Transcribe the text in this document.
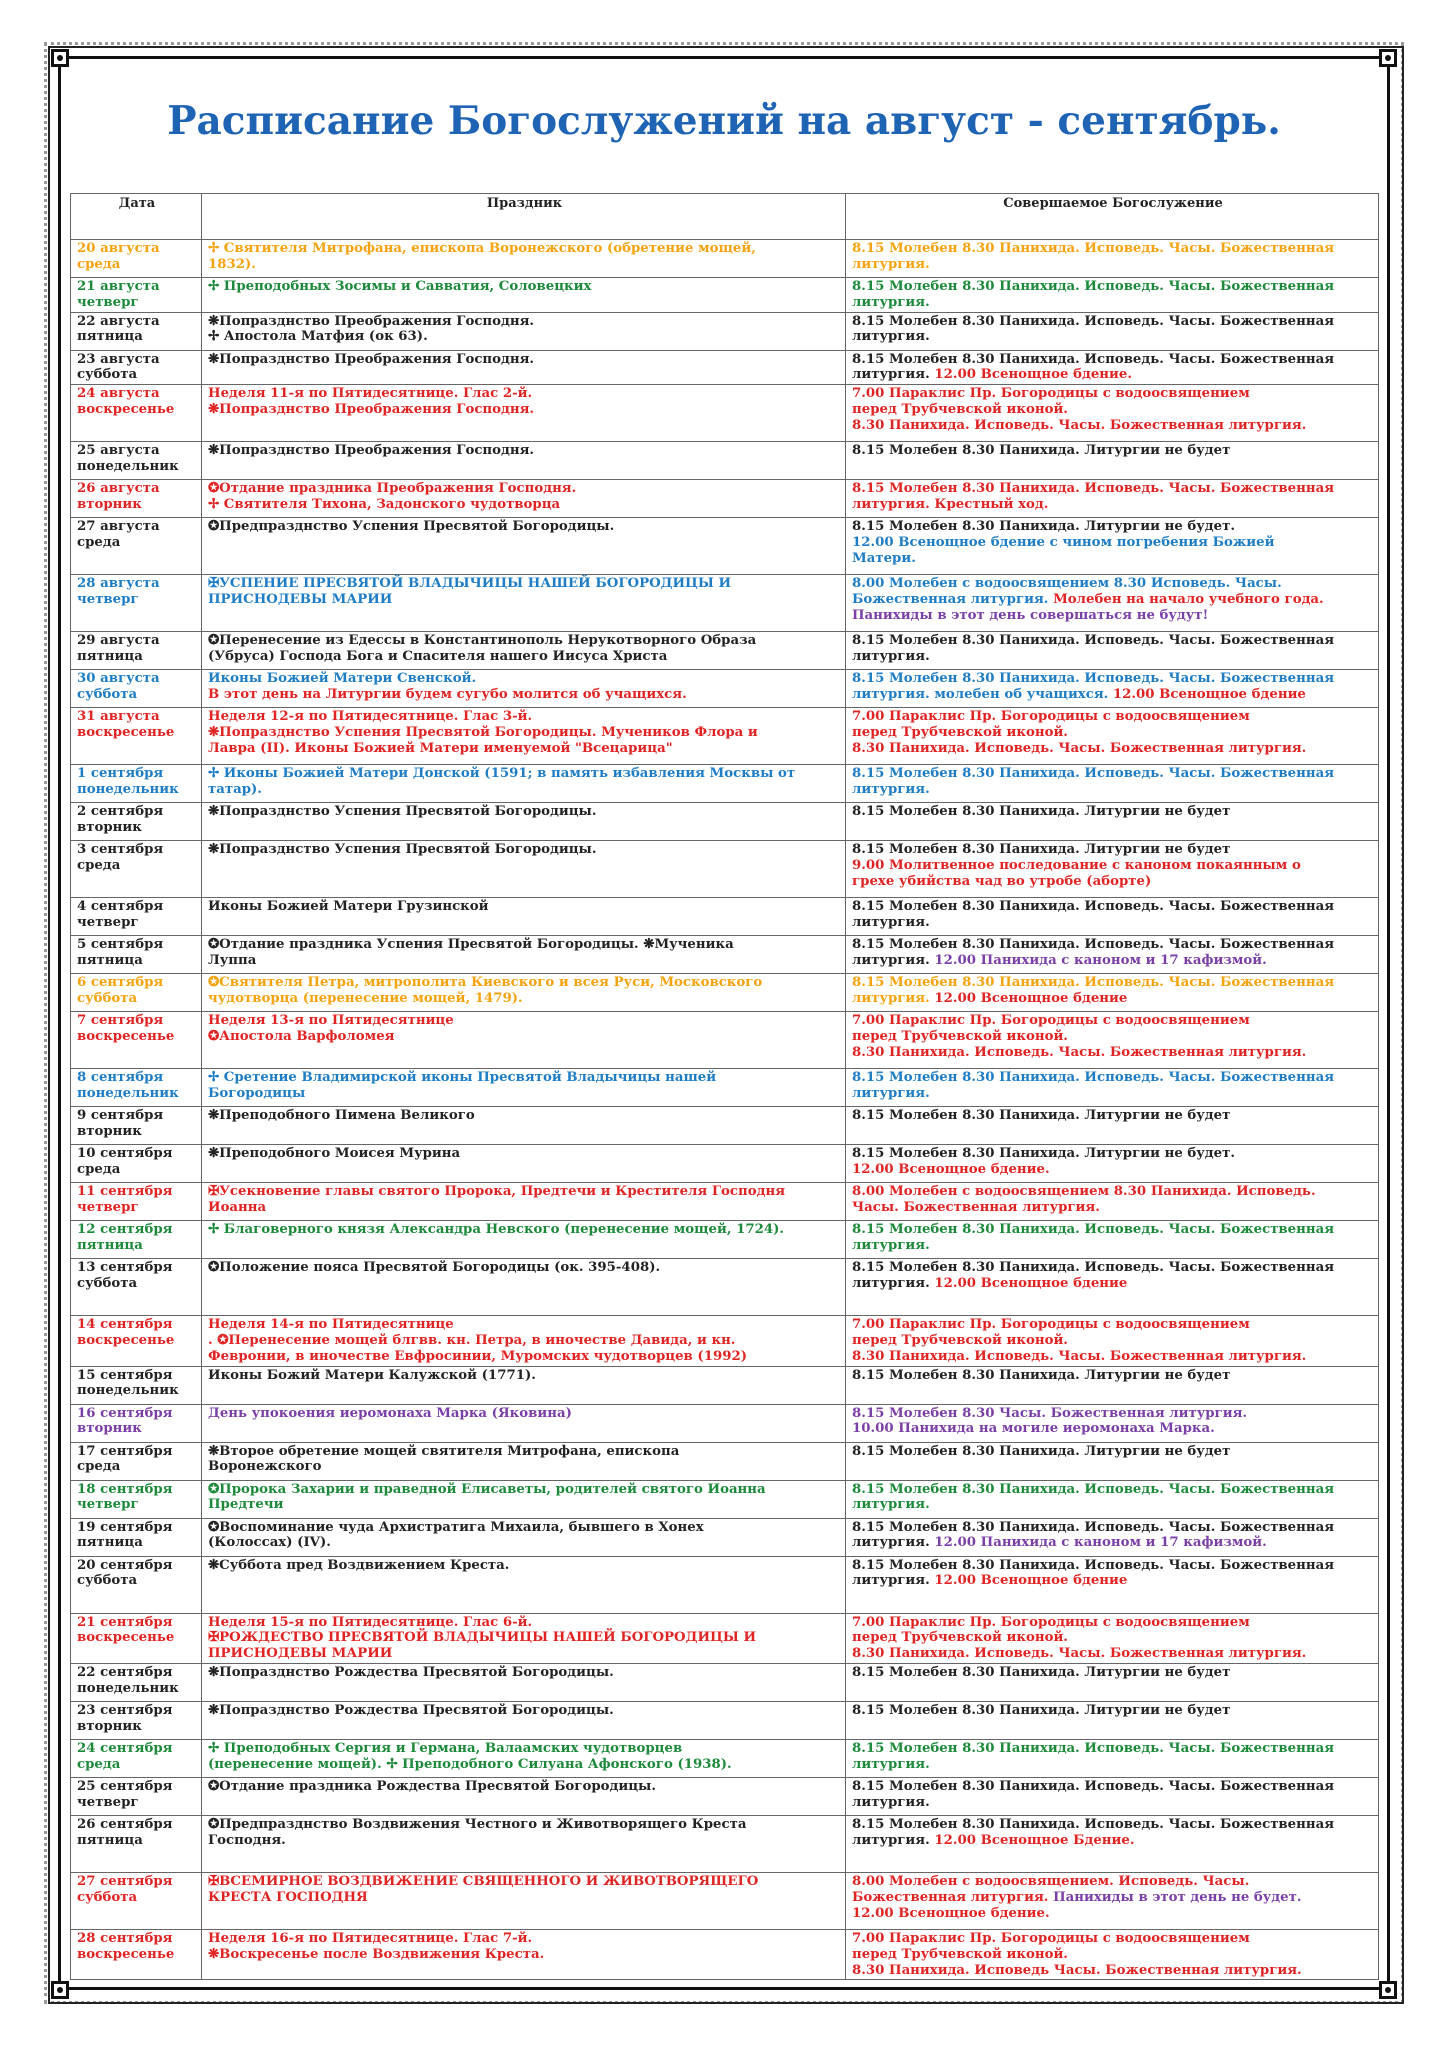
Расписание Богослужений на август - сентябрь.
Дата	Праздник	Совершаемое Богослужение

20 августа
среда	✢ Святителя Митрофана, епископа Воронежского (обретение мощей,
1832).	8.15 Молебен 8.30 Панихида. Исповедь. Часы. Божественная
литургия.

21 августа
четверг	✢ Преподобных Зосимы и Савватия, Соловецких	8.15 Молебен 8.30 Панихида. Исповедь. Часы. Божественная
литургия.

22 августа
пятница	❋Попразднство Преображения Господня.
✢ Апостола Матфия (ок 63).	8.15 Молебен 8.30 Панихида. Исповедь. Часы. Божественная
литургия.

23 августа
суббота	❋Попразднство Преображения Господня.	8.15 Молебен 8.30 Панихида. Исповедь. Часы. Божественная
литургия. 12.00 Всенощное бдение.

24 августа
воскресенье	Неделя 11-я по Пятидесятнице. Глас 2-й.
❋Попразднство Преображения Господня.	7.00 Параклис Пр. Богородицы с водоосвящением
перед Трубчевской иконой.
8.30 Панихида. Исповедь. Часы. Божественная литургия.

25 августа
понедельник	❋Попразднство Преображения Господня.	8.15 Молебен 8.30 Панихида. Литургии не будет

26 августа
вторник	✪Отдание праздника Преображения Господня.
✢ Святителя Тихона, Задонского чудотворца	8.15 Молебен 8.30 Панихида. Исповедь. Часы. Божественная
литургия. Крестный ход.

27 августа
среда	✪Предпразднство Успения Пресвятой Богородицы.	8.15 Молебен 8.30 Панихида. Литургии не будет.
12.00 Всенощное бдение с чином погребения Божией
Матери.

28 августа
четверг	✠УСПЕНИЕ ПРЕСВЯТОЙ ВЛАДЫЧИЦЫ НАШЕЙ БОГОРОДИЦЫ И
ПРИСНОДЕВЫ МАРИИ	8.00 Молебен с водоосвящением 8.30 Исповедь. Часы.
Божественная литургия. Молебен на начало учебного года.
Панихиды в этот день совершаться не будут!

29 августа
пятница	✪Перенесение из Едессы в Константинополь Нерукотворного Образа
(Убруса) Господа Бога и Спасителя нашего Иисуса Христа	8.15 Молебен 8.30 Панихида. Исповедь. Часы. Божественная
литургия.

30 августа
суббота	Иконы Божией Матери Свенской.
В этот день на Литургии будем сугубо молится об учащихся.	8.15 Молебен 8.30 Панихида. Исповедь. Часы. Божественная
литургия. молебен об учащихся. 12.00 Всенощное бдение

31 августа
воскресенье	Неделя 12-я по Пятидесятнице. Глас 3-й.
❋Попразднство Успения Пресвятой Богородицы. Мучеников Флора и
Лавра (II). Иконы Божией Матери именуемой "Всецарица"	7.00 Параклис Пр. Богородицы с водоосвящением
перед Трубчевской иконой.
8.30 Панихида. Исповедь. Часы. Божественная литургия.

1 сентября
понедельник	✢ Иконы Божией Матери Донской (1591; в память избавления Москвы от
татар).	8.15 Молебен 8.30 Панихида. Исповедь. Часы. Божественная
литургия.

2 сентября
вторник	❋Попразднство Успения Пресвятой Богородицы.	8.15 Молебен 8.30 Панихида. Литургии не будет

3 сентября
среда	❋Попразднство Успения Пресвятой Богородицы.	8.15 Молебен 8.30 Панихида. Литургии не будет
9.00 Молитвенное последование с каноном покаянным о
грехе убийства чад во утробе (аборте)

4 сентября
четверг	Иконы Божией Матери Грузинской	8.15 Молебен 8.30 Панихида. Исповедь. Часы. Божественная
литургия.

5 сентября
пятница	✪Отдание праздника Успения Пресвятой Богородицы. ❋Мученика
Луппа	8.15 Молебен 8.30 Панихида. Исповедь. Часы. Божественная
литургия. 12.00 Панихида с каноном и 17 кафизмой.

6 сентября
суббота	✪Святителя Петра, митрополита Киевского и всея Руси, Московского
чудотворца (перенесение мощей, 1479).	8.15 Молебен 8.30 Панихида. Исповедь. Часы. Божественная
литургия. 12.00 Всенощное бдение

7 сентября
воскресенье	Неделя 13-я по Пятидесятнице
✪Апостола Варфоломея	7.00 Параклис Пр. Богородицы с водоосвящением
перед Трубчевской иконой.
8.30 Панихида. Исповедь. Часы. Божественная литургия.

8 сентября
понедельник	✢ Сретение Владимирской иконы Пресвятой Владычицы нашей
Богородицы	8.15 Молебен 8.30 Панихида. Исповедь. Часы. Божественная
литургия.

9 сентября
вторник	❋Преподобного Пимена Великого	8.15 Молебен 8.30 Панихида. Литургии не будет

10 сентября
среда	❋Преподобного Моисея Мурина	8.15 Молебен 8.30 Панихида. Литургии не будет.
12.00 Всенощное бдение.

11 сентября
четверг	✠Усекновение главы святого Пророка, Предтечи и Крестителя Господня
Иоанна	8.00 Молебен с водоосвящением 8.30 Панихида. Исповедь.
Часы. Божественная литургия.

12 сентября
пятница	✢ Благоверного князя Александра Невского (перенесение мощей, 1724).	8.15 Молебен 8.30 Панихида. Исповедь. Часы. Божественная
литургия.

13 сентября
суббота	✪Положение пояса Пресвятой Богородицы (ок. 395-408).	8.15 Молебен 8.30 Панихида. Исповедь. Часы. Божественная
литургия. 12.00 Всенощное бдение

14 сентября
воскресенье	Неделя 14-я по Пятидесятнице
. ✪Перенесение мощей блгвв. кн. Петра, в иночестве Давида, и кн.
Февронии, в иночестве Евфросинии, Муромских чудотворцев (1992)	7.00 Параклис Пр. Богородицы с водоосвящением
перед Трубчевской иконой.
8.30 Панихида. Исповедь. Часы. Божественная литургия.

15 сентября
понедельник	Иконы Божий Матери Калужской (1771).	8.15 Молебен 8.30 Панихида. Литургии не будет

16 сентября
вторник	День упокоения иеромонаха Марка (Яковина)	8.15 Молебен 8.30 Часы. Божественная литургия.
10.00 Панихида на могиле иеромонаха Марка.

17 сентября
среда	❋Второе обретение мощей святителя Митрофана, епископа
Воронежского	8.15 Молебен 8.30 Панихида. Литургии не будет

18 сентября
четверг	✪Пророка Захарии и праведной Елисаветы, родителей святого Иоанна
Предтечи	8.15 Молебен 8.30 Панихида. Исповедь. Часы. Божественная
литургия.

19 сентября
пятница	✪Воспоминание чуда Архистратига Михаила, бывшего в Хонех
(Колоссах) (IV).	8.15 Молебен 8.30 Панихида. Исповедь. Часы. Божественная
литургия. 12.00 Панихида с каноном и 17 кафизмой.

20 сентября
суббота	❋Суббота пред Воздвижением Креста.	8.15 Молебен 8.30 Панихида. Исповедь. Часы. Божественная
литургия. 12.00 Всенощное бдение

21 сентября
воскресенье	Неделя 15-я по Пятидесятнице. Глас 6-й.
✠РОЖДЕСТВО ПРЕСВЯТОЙ ВЛАДЫЧИЦЫ НАШЕЙ БОГОРОДИЦЫ И
ПРИСНОДЕВЫ МАРИИ	7.00 Параклис Пр. Богородицы с водоосвящением
перед Трубчевской иконой.
8.30 Панихида. Исповедь. Часы. Божественная литургия.

22 сентября
понедельник	❋Попразднство Рождества Пресвятой Богородицы.	8.15 Молебен 8.30 Панихида. Литургии не будет

23 сентября
вторник	❋Попразднство Рождества Пресвятой Богородицы.	8.15 Молебен 8.30 Панихида. Литургии не будет

24 сентября
среда	✢ Преподобных Сергия и Германа, Валаамских чудотворцев
(перенесение мощей). ✢ Преподобного Силуана Афонского (1938).	8.15 Молебен 8.30 Панихида. Исповедь. Часы. Божественная
литургия.

25 сентября
четверг	✪Отдание праздника Рождества Пресвятой Богородицы.	8.15 Молебен 8.30 Панихида. Исповедь. Часы. Божественная
литургия.

26 сентября
пятница	✪Предпразднство Воздвижения Честного и Животворящего Креста
Господня.	8.15 Молебен 8.30 Панихида. Исповедь. Часы. Божественная
литургия. 12.00 Всенощное Бдение.

27 сентября
суббота	✠ВСЕМИРНОЕ ВОЗДВИЖЕНИЕ СВЯЩЕННОГО И ЖИВОТВОРЯЩЕГО
КРЕСТА ГОСПОДНЯ	8.00 Молебен с водоосвящением. Исповедь. Часы.
Божественная литургия. Панихиды в этот день не будет.
12.00 Всенощное бдение.

28 сентября
воскресенье	Неделя 16-я по Пятидесятнице. Глас 7-й.
❋Воскресенье после Воздвижения Креста.	7.00 Параклис Пр. Богородицы с водоосвящением
перед Трубчевской иконой.
8.30 Панихида. Исповедь Часы. Божественная литургия.
